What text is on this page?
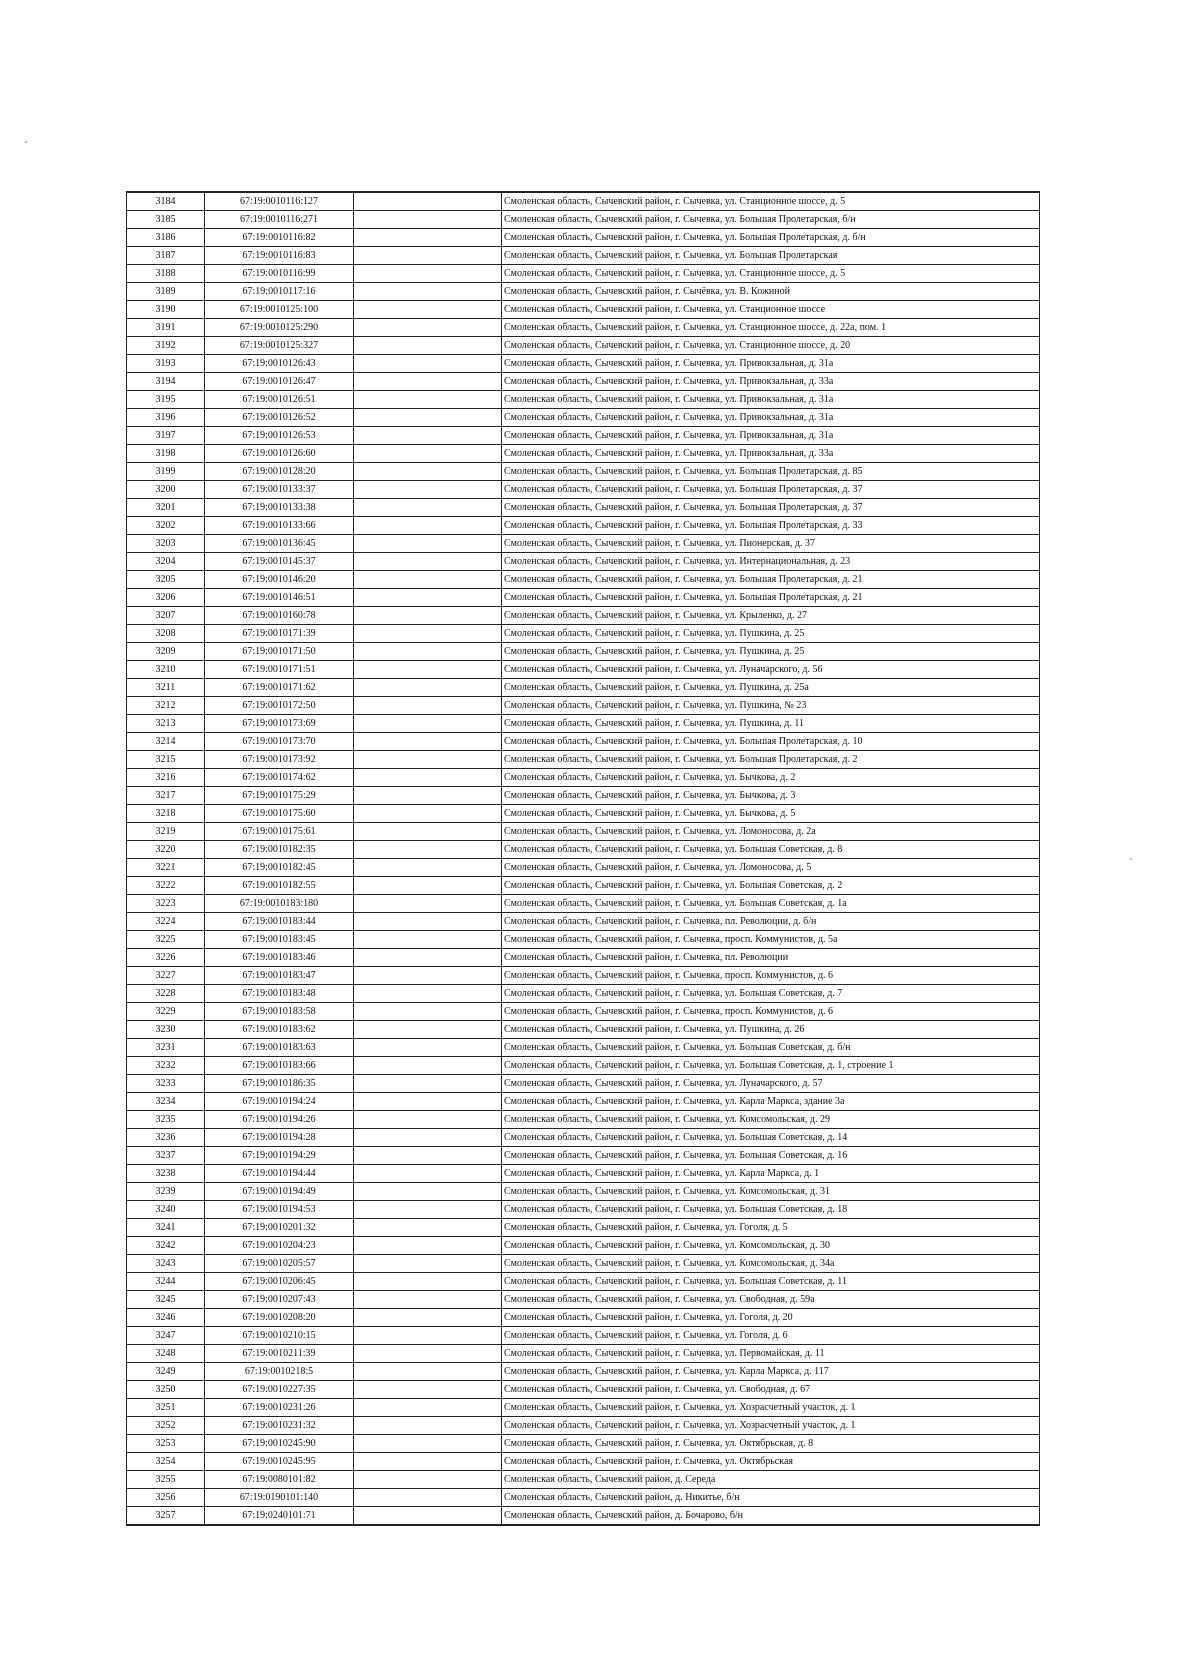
3184	67:19:0010116:127		Смоленская область, Сычевский район, г. Сычевка, ул. Станционное шоссе, д. 5
3185	67:19:0010116:271		Смоленская область, Сычевский район, г. Сычевка, ул. Большая Пролетарская, б/н
3186	67:19:0010116:82		Смоленская область, Сычевский район, г. Сычевка, ул. Большая Пролетарская, д. б/н
3187	67:19:0010116:83		Смоленская область, Сычевский район, г. Сычевка, ул. Большая Пролетарская
3188	67:19:0010116:99		Смоленская область, Сычевский район, г. Сычевка, ул. Станционное шоссе, д. 5
3189	67:19:0010117:16		Смоленская область, Сычевский район, г. Сычёвка, ул. В. Кожиной
3190	67:19:0010125:100		Смоленская область, Сычевский район, г. Сычевка, ул. Станционное шоссе
3191	67:19:0010125:290		Смоленская область, Сычевский район, г. Сычевка, ул. Станционное шоссе, д. 22а, пом. 1
3192	67:19:0010125:327		Смоленская область, Сычевский район, г. Сычевка, ул. Станционное шоссе, д. 20
3193	67:19:0010126:43		Смоленская область, Сычевский район, г. Сычевка, ул. Привокзальная, д. 31а
3194	67:19:0010126:47		Смоленская область, Сычевский район, г. Сычевка, ул. Привокзальная, д. 33а
3195	67:19:0010126:51		Смоленская область, Сычевский район, г. Сычевка, ул. Привокзальная, д. 31а
3196	67:19:0010126:52		Смоленская область, Сычевский район, г. Сычевка, ул. Привокзальная, д. 31а
3197	67:19:0010126:53		Смоленская область, Сычевский район, г. Сычевка, ул. Привокзальная, д. 31а
3198	67:19:0010126:60		Смоленская область, Сычевский район, г. Сычевка, ул. Привокзальная, д. 33а
3199	67:19:0010128:20		Смоленская область, Сычевский район, г. Сычевка, ул. Большая Пролетарская, д. 85
3200	67:19:0010133:37		Смоленская область, Сычевский район, г. Сычевка, ул. Большая Пролетарская, д. 37
3201	67:19:0010133:38		Смоленская область, Сычевский район, г. Сычевка, ул. Большая Пролетарская, д. 37
3202	67:19:0010133:66		Смоленская область, Сычевский район, г. Сычевка, ул. Большая Пролетарская, д. 33
3203	67:19:0010136:45		Смоленская область, Сычевский район, г. Сычевка, ул. Пионерская, д. 37
3204	67:19:0010145:37		Смоленская область, Сычевский район, г. Сычевка, ул. Интернациональная, д. 23
3205	67:19:0010146:20		Смоленская область, Сычевский район, г. Сычевка, ул. Большая Пролетарская, д. 21
3206	67:19:0010146:51		Смоленская область, Сычевский район, г. Сычевка, ул. Большая Пролетарская, д. 21
3207	67:19:0010160:78		Смоленская область, Сычевский район, г. Сычевка, ул. Крыленко, д. 27
3208	67:19:0010171:39		Смоленская область, Сычевский район, г. Сычевка, ул. Пушкина, д. 25
3209	67:19:0010171:50		Смоленская область, Сычевский район, г. Сычевка, ул. Пушкина, д. 25
3210	67:19:0010171:51		Смоленская область, Сычевский район, г. Сычевка, ул. Луначарского, д. 56
3211	67:19:0010171:62		Смоленская область, Сычевский район, г. Сычевка, ул. Пушкина, д. 25а
3212	67:19:0010172:50		Смоленская область, Сычевский район, г. Сычевка, ул. Пушкина, № 23
3213	67:19:0010173:69		Смоленская область, Сычевский район, г. Сычевка, ул. Пушкина, д. 11
3214	67:19:0010173:70		Смоленская область, Сычевский район, г. Сычевка, ул. Большая Пролетарская, д. 10
3215	67:19:0010173:92		Смоленская область, Сычевский район, г. Сычевка, ул. Большая Пролетарская, д. 2
3216	67:19:0010174:62		Смоленская область, Сычевский район, г. Сычевка, ул. Бычкова, д. 2
3217	67:19:0010175:29		Смоленская область, Сычевский район, г. Сычевка, ул. Бычкова, д. 3
3218	67:19:0010175:60		Смоленская область, Сычевский район, г. Сычевка, ул. Бычкова, д. 5
3219	67:19:0010175:61		Смоленская область, Сычевский район, г. Сычевка, ул. Ломоносова, д. 2а
3220	67:19:0010182:35		Смоленская область, Сычевский район, г. Сычевка, ул. Большая Советская, д. 8
3221	67:19:0010182:45		Смоленская область, Сычевский район, г. Сычевка, ул. Ломоносова, д. 5
3222	67:19:0010182:55		Смоленская область, Сычевский район, г. Сычевка, ул. Большая Советская, д. 2
3223	67:19:0010183:180		Смоленская область, Сычевский район, г. Сычевка, ул. Большая Советская, д. 1а
3224	67:19:0010183:44		Смоленская область, Сычевский район, г. Сычевка, пл. Революции, д. б/н
3225	67:19:0010183:45		Смоленская область, Сычевский район, г. Сычевка, просп. Коммунистов, д. 5а
3226	67:19:0010183:46		Смоленская область, Сычевский район, г. Сычевка, пл. Революции
3227	67:19:0010183:47		Смоленская область, Сычевский район, г. Сычевка, просп. Коммунистов, д. 6
3228	67:19:0010183:48		Смоленская область, Сычевский район, г. Сычевка, ул. Большая Советская, д. 7
3229	67:19:0010183:58		Смоленская область, Сычевский район, г. Сычевка, просп. Коммунистов, д. 6
3230	67:19:0010183:62		Смоленская область, Сычевский район, г. Сычевка, ул. Пушкина, д. 26
3231	67:19:0010183:63		Смоленская область, Сычевский район, г. Сычевка, ул. Большая Советская, д. б/н
3232	67:19:0010183:66		Смоленская область, Сычевский район, г. Сычевка, ул. Большая Советская, д. 1, строение 1
3233	67:19:0010186:35		Смоленская область, Сычевский район, г. Сычевка, ул. Луначарского, д. 57
3234	67:19:0010194:24		Смоленская область, Сычевский район, г. Сычевка, ул. Карла Маркса, здание 3а
3235	67:19:0010194:26		Смоленская область, Сычевский район, г. Сычевка, ул. Комсомольская, д. 29
3236	67:19:0010194:28		Смоленская область, Сычевский район, г. Сычевка, ул. Большая Советская, д. 14
3237	67:19:0010194:29		Смоленская область, Сычевский район, г. Сычевка, ул. Большая Советская, д. 16
3238	67:19:0010194:44		Смоленская область, Сычевский район, г. Сычевка, ул. Карла Маркса, д. 1
3239	67:19:0010194:49		Смоленская область, Сычевский район, г. Сычевка, ул. Комсомольская, д. 31
3240	67:19:0010194:53		Смоленская область, Сычевский район, г. Сычевка, ул. Большая Советская, д. 18
3241	67:19:0010201:32		Смоленская область, Сычевский район, г. Сычевка, ул. Гоголя, д. 5
3242	67:19:0010204:23		Смоленская область, Сычевский район, г. Сычевка, ул. Комсомольская, д. 30
3243	67:19:0010205:57		Смоленская область, Сычевский район, г. Сычевка, ул. Комсомольская, д. 34а
3244	67:19:0010206:45		Смоленская область, Сычевский район, г. Сычевка, ул. Большая Советская, д. 11
3245	67:19:0010207:43		Смоленская область, Сычевский район, г. Сычевка, ул. Свободная, д. 59а
3246	67:19:0010208:20		Смоленская область, Сычевский район, г. Сычевка, ул. Гоголя, д. 20
3247	67:19:0010210:15		Смоленская область, Сычевский район, г. Сычевка, ул. Гоголя, д. 6
3248	67:19:0010211:39		Смоленская область, Сычевский район, г. Сычевка, ул. Первомайская, д. 11
3249	67:19:0010218:5		Смоленская область, Сычевский район, г. Сычевка, ул. Карла Маркса, д. 117
3250	67:19:0010227:35		Смоленская область, Сычевский район, г. Сычевка, ул. Свободная, д. 67
3251	67:19:0010231:26		Смоленская область, Сычевский район, г. Сычевка, ул. Хозрасчетный участок, д. 1
3252	67:19:0010231:32		Смоленская область, Сычевский район, г. Сычевка, ул. Хозрасчетный участок, д. 1
3253	67:19:0010245:90		Смоленская область, Сычевский район, г. Сычевка, ул. Октябрьская, д. 8
3254	67:19:0010245:95		Смоленская область, Сычевский район, г. Сычевка, ул. Октябрьская
3255	67:19:0080101:82		Смоленская область, Сычевский район, д. Середа
3256	67:19:0190101:140		Смоленская область, Сычевский район, д. Никитье, б/н
3257	67:19:0240101:71		Смоленская область, Сычевский район, д. Бочарово, б/н
